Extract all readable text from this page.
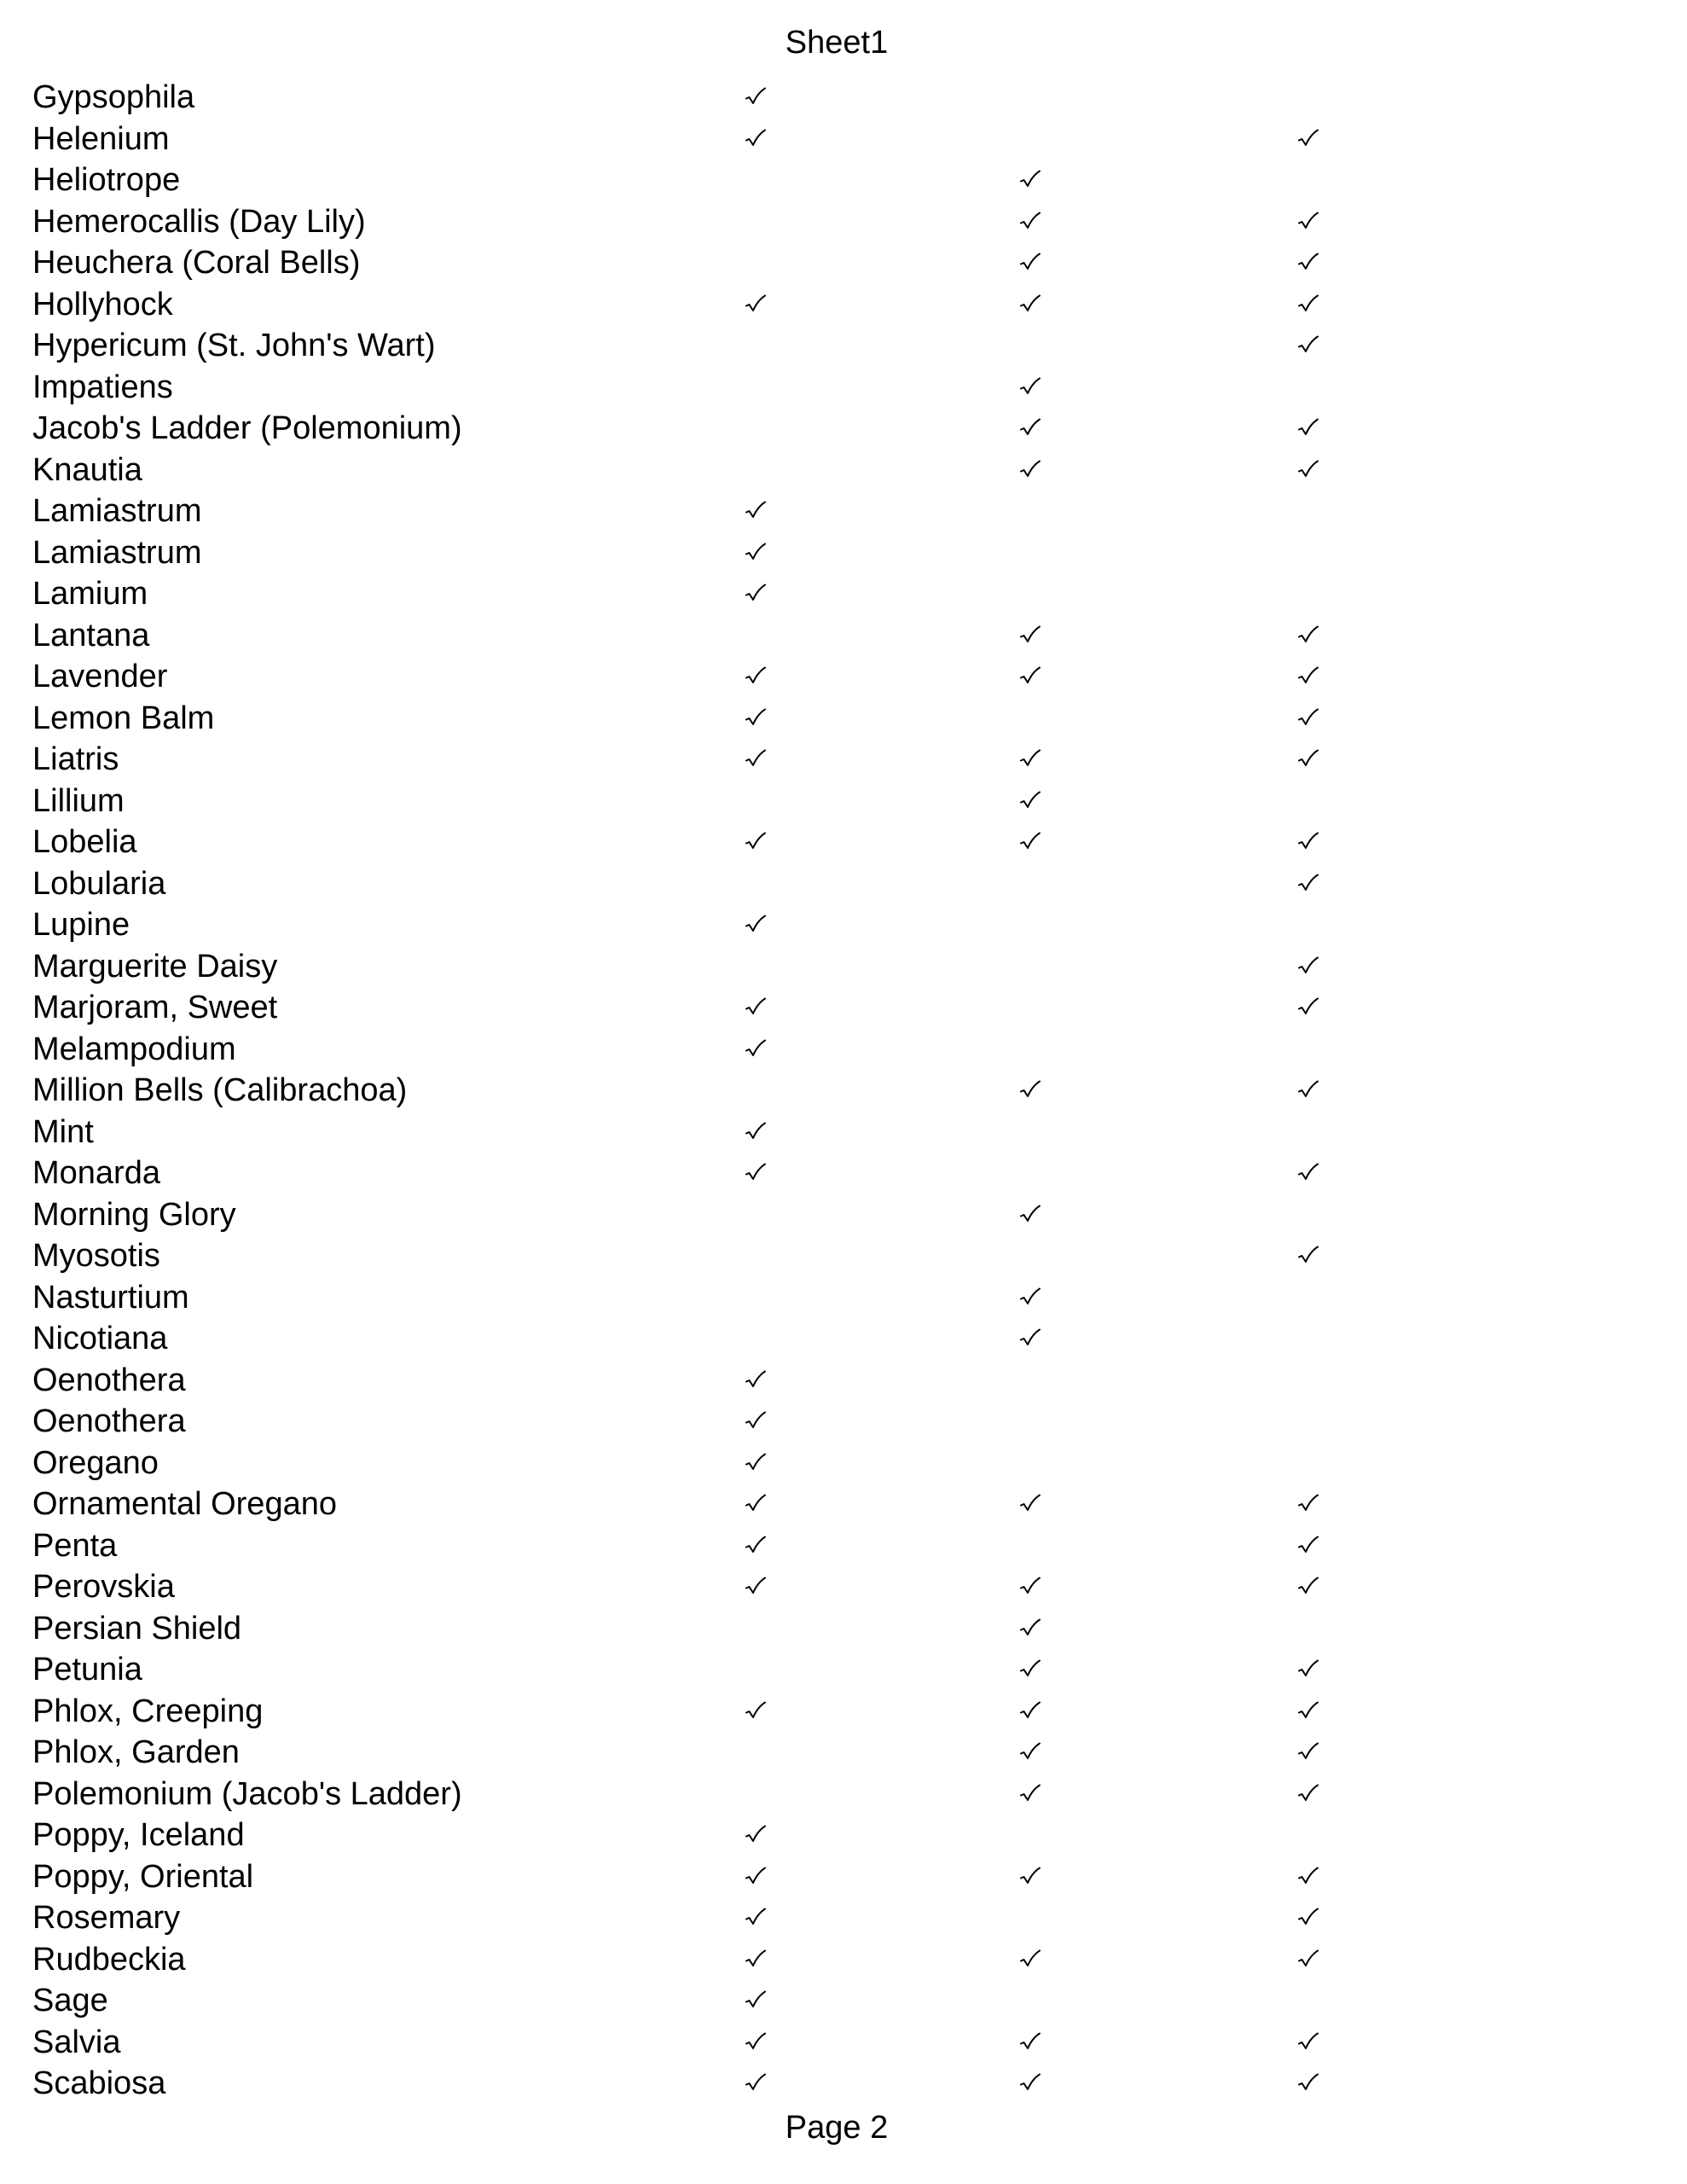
Sheet1
Gypsophila
Helenium
Heliotrope
Hemerocallis (Day Lily)
Heuchera (Coral Bells)
Hollyhock
Hypericum (St. John's Wart)
Impatiens
Jacob's Ladder (Polemonium)
Knautia
Lamiastrum
Lamiastrum
Lamium
Lantana
Lavender
Lemon Balm
Liatris
Lillium
Lobelia
Lobularia
Lupine
Marguerite Daisy
Marjoram, Sweet
Melampodium
Million Bells (Calibrachoa)
Mint
Monarda
Morning Glory
Myosotis
Nasturtium
Nicotiana
Oenothera
Oenothera
Oregano
Ornamental Oregano
Penta
Perovskia
Persian Shield
Petunia
Phlox, Creeping
Phlox, Garden
Polemonium (Jacob's Ladder)
Poppy, Iceland
Poppy, Oriental
Rosemary
Rudbeckia
Sage
Salvia
Scabiosa
Page 2
